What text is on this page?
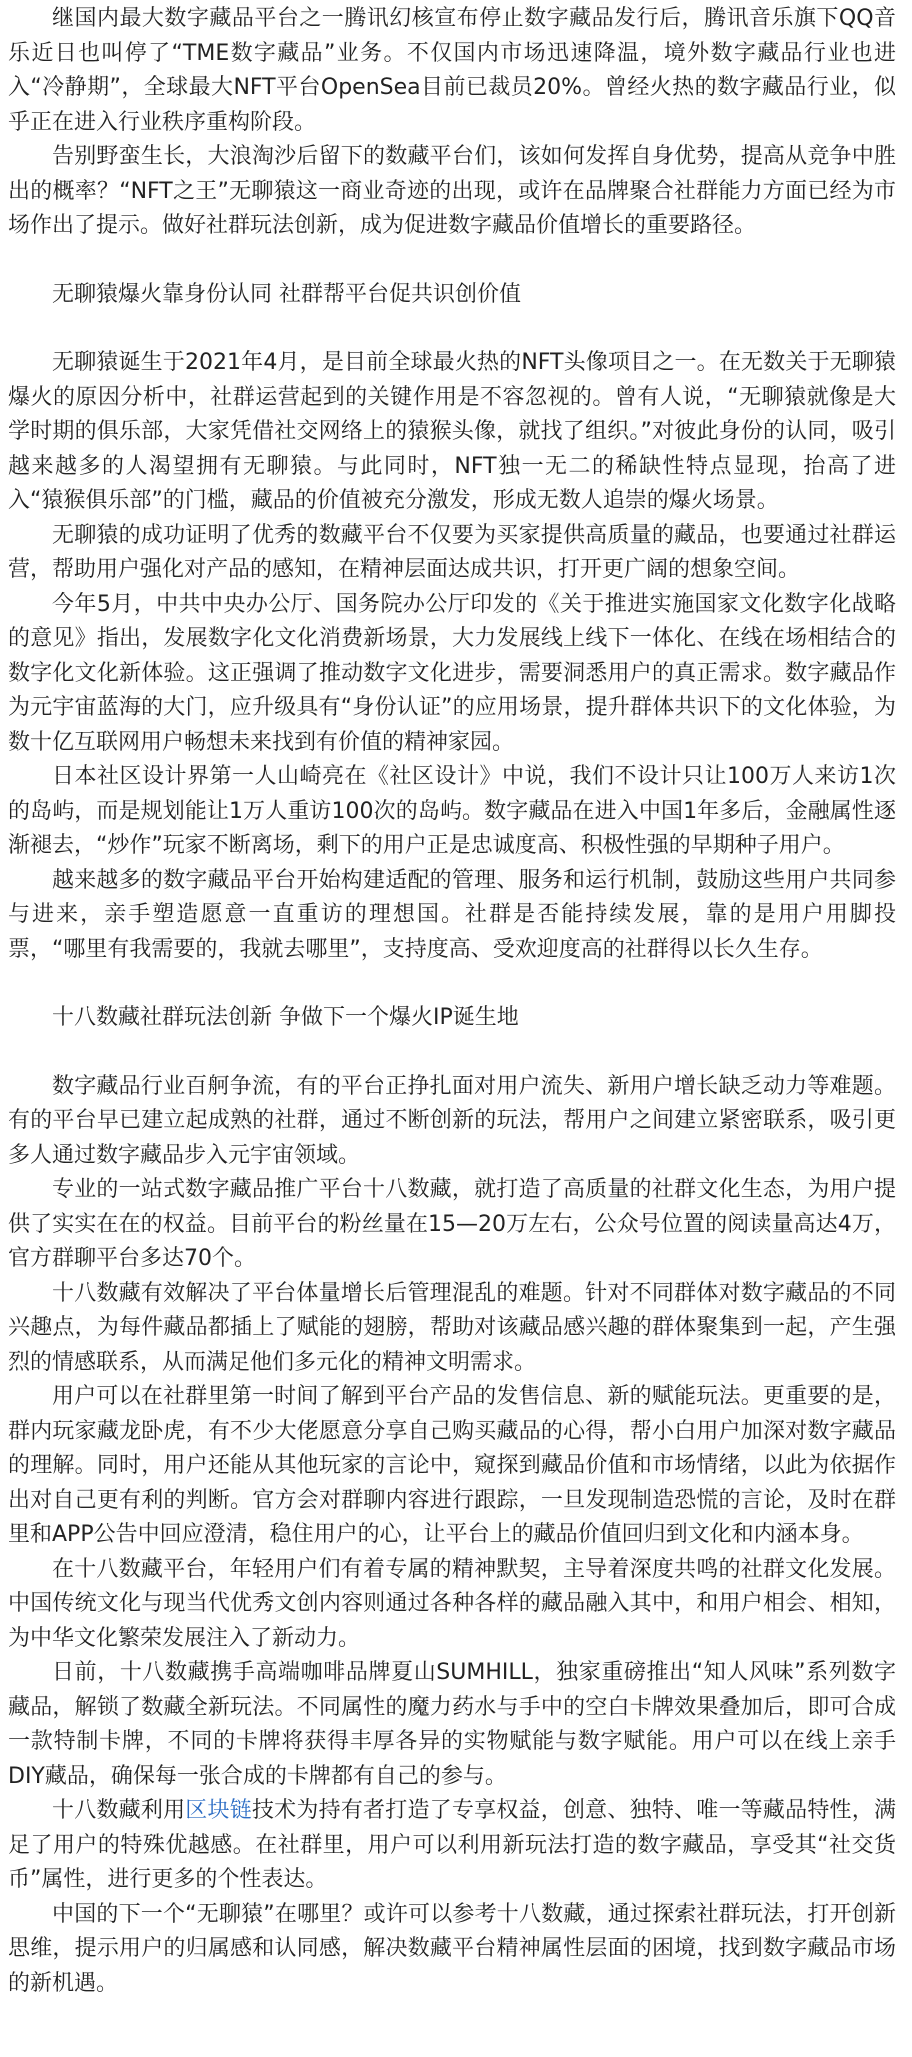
继国内最大数字藏品平台之一腾讯幻核宣布停止数字藏品发行后，腾讯音乐旗下QQ音乐近日也叫停了“TME数字藏品”业务。不仅国内市场迅速降温，境外数字藏品行业也进入“冷静期”，全球最大NFT平台OpenSea目前已裁员20%。曾经火热的数字藏品行业，似乎正在进入行业秩序重构阶段。

告别野蛮生长，大浪淘沙后留下的数藏平台们，该如何发挥自身优势，提高从竞争中胜出的概率？“NFT之王”无聊猿这一商业奇迹的出现，或许在品牌聚合社群能力方面已经为市场作出了提示。做好社群玩法创新，成为促进数字藏品价值增长的重要路径。

无聊猿爆火靠身份认同 社群帮平台促共识创价值

无聊猿诞生于2021年4月，是目前全球最火热的NFT头像项目之一。在无数关于无聊猿爆火的原因分析中，社群运营起到的关键作用是不容忽视的。曾有人说，“无聊猿就像是大学时期的俱乐部，大家凭借社交网络上的猿猴头像，就找了组织。”对彼此身份的认同，吸引越来越多的人渴望拥有无聊猿。与此同时，NFT独一无二的稀缺性特点显现，抬高了进入“猿猴俱乐部”的门槛，藏品的价值被充分激发，形成无数人追崇的爆火场景。

无聊猿的成功证明了优秀的数藏平台不仅要为买家提供高质量的藏品，也要通过社群运营，帮助用户强化对产品的感知，在精神层面达成共识，打开更广阔的想象空间。

今年5月，中共中央办公厅、国务院办公厅印发的《关于推进实施国家文化数字化战略的意见》指出，发展数字化文化消费新场景，大力发展线上线下一体化、在线在场相结合的数字化文化新体验。这正强调了推动数字文化进步，需要洞悉用户的真正需求。数字藏品作为元宇宙蓝海的大门，应升级具有“身份认证”的应用场景，提升群体共识下的文化体验，为数十亿互联网用户畅想未来找到有价值的精神家园。

日本社区设计界第一人山崎亮在《社区设计》中说，我们不设计只让100万人来访1次的岛屿，而是规划能让1万人重访100次的岛屿。数字藏品在进入中国1年多后，金融属性逐渐褪去，“炒作”玩家不断离场，剩下的用户正是忠诚度高、积极性强的早期种子用户。

越来越多的数字藏品平台开始构建适配的管理、服务和运行机制，鼓励这些用户共同参与进来，亲手塑造愿意一直重访的理想国。社群是否能持续发展，靠的是用户用脚投票，“哪里有我需要的，我就去哪里”，支持度高、受欢迎度高的社群得以长久生存。

十八数藏社群玩法创新 争做下一个爆火IP诞生地

数字藏品行业百舸争流，有的平台正挣扎面对用户流失、新用户增长缺乏动力等难题。有的平台早已建立起成熟的社群，通过不断创新的玩法，帮用户之间建立紧密联系，吸引更多人通过数字藏品步入元宇宙领域。

专业的一站式数字藏品推广平台十八数藏，就打造了高质量的社群文化生态，为用户提供了实实在在的权益。目前平台的粉丝量在15—20万左右，公众号位置的阅读量高达4万，官方群聊平台多达70个。

十八数藏有效解决了平台体量增长后管理混乱的难题。针对不同群体对数字藏品的不同兴趣点，为每件藏品都插上了赋能的翅膀，帮助对该藏品感兴趣的群体聚集到一起，产生强烈的情感联系，从而满足他们多元化的精神文明需求。

用户可以在社群里第一时间了解到平台产品的发售信息、新的赋能玩法。更重要的是，群内玩家藏龙卧虎，有不少大佬愿意分享自己购买藏品的心得，帮小白用户加深对数字藏品的理解。同时，用户还能从其他玩家的言论中，窥探到藏品价值和市场情绪，以此为依据作出对自己更有利的判断。官方会对群聊内容进行跟踪，一旦发现制造恐慌的言论，及时在群里和APP公告中回应澄清，稳住用户的心，让平台上的藏品价值回归到文化和内涵本身。

在十八数藏平台，年轻用户们有着专属的精神默契，主导着深度共鸣的社群文化发展。中国传统文化与现当代优秀文创内容则通过各种各样的藏品融入其中，和用户相会、相知，为中华文化繁荣发展注入了新动力。

日前，十八数藏携手高端咖啡品牌夏山SUMHILL，独家重磅推出“知人风味”系列数字藏品，解锁了数藏全新玩法。不同属性的魔力药水与手中的空白卡牌效果叠加后，即可合成一款特制卡牌，不同的卡牌将获得丰厚各异的实物赋能与数字赋能。用户可以在线上亲手DIY藏品，确保每一张合成的卡牌都有自己的参与。

十八数藏利用区块链技术为持有者打造了专享权益，创意、独特、唯一等藏品特性，满足了用户的特殊优越感。在社群里，用户可以利用新玩法打造的数字藏品，享受其“社交货币”属性，进行更多的个性表达。

中国的下一个“无聊猿”在哪里？或许可以参考十八数藏，通过探索社群玩法，打开创新思维，提示用户的归属感和认同感，解决数藏平台精神属性层面的困境，找到数字藏品市场的新机遇。
